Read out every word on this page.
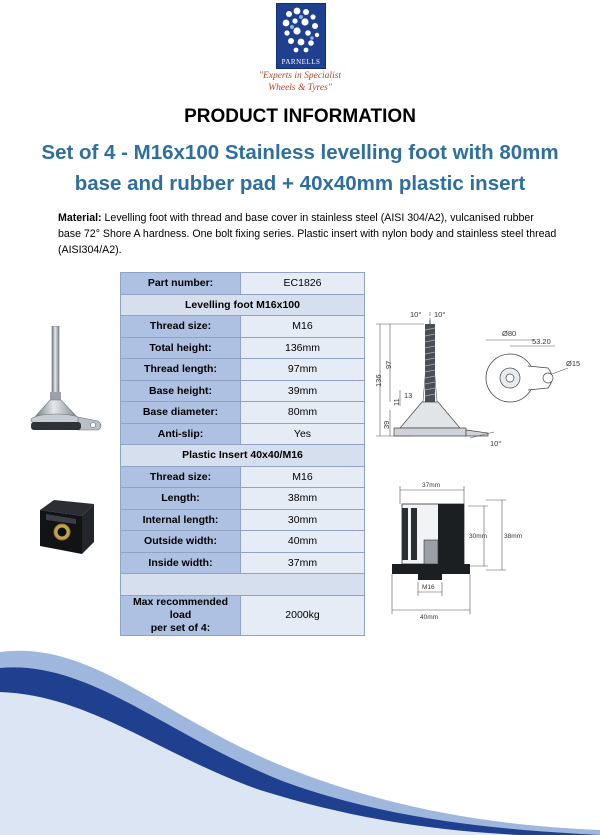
PARNELLS
"Experts in Specialist
Wheels & Tyres"
PRODUCT INFORMATION
Set of 4 - M16x100 Stainless levelling foot with 80mm
base and rubber pad + 40x40mm plastic insert
Material: Levelling foot with thread and base cover in stainless steel (AISI 304/A2), vulcanised rubber base 72° Shore A hardness. One bolt fixing series. Plastic insert with nylon body and stainless steel thread (AISI304/A2).
Part number:	EC1826
Levelling foot M16x100	
Thread size:	M16
Total height:	136mm
Thread length:	97mm
Base height:	39mm
Base diameter:	80mm
Anti-slip:	Yes
Plastic Insert 40x40/M16	
Thread size:	M16
Length:	38mm
Internal length:	30mm
Outside width:	40mm
Inside width:	37mm

Max recommended load
per set of 4:	2000kg
10° 10°
136
97
13
11
39
Ø80
53.20
Ø15
10°
37mm
30mm	38mm
M16
40mm
